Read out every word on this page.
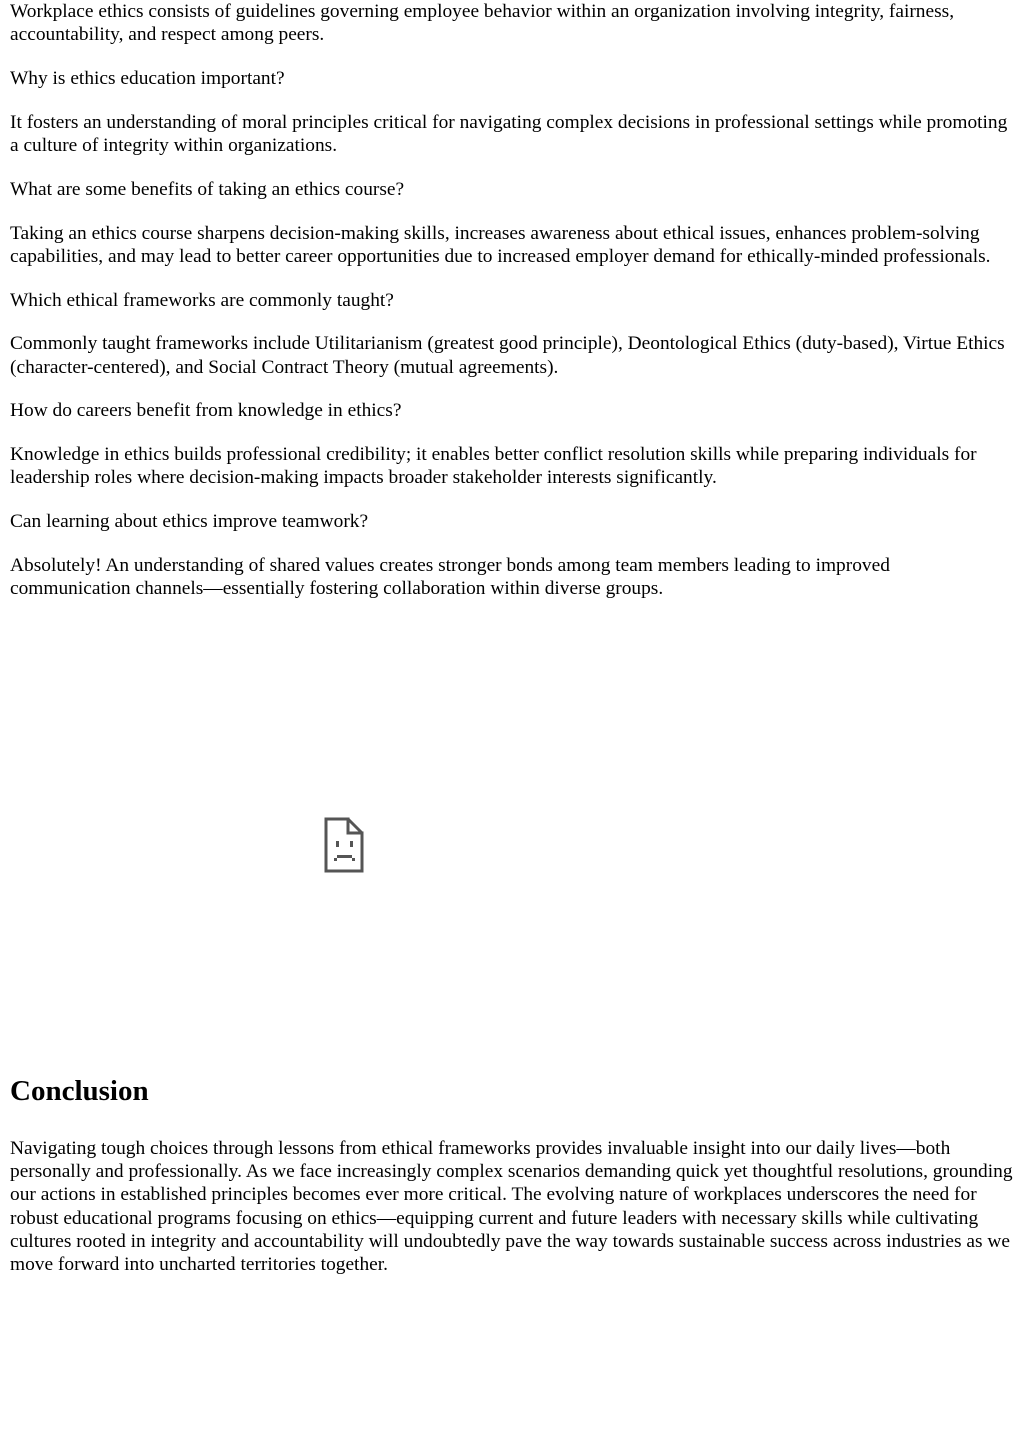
Workplace ethics consists of guidelines governing employee behavior within an organization involving integrity, fairness, accountability, and respect among peers.

Why is ethics education important?

It fosters an understanding of moral principles critical for navigating complex decisions in professional settings while promoting a culture of integrity within organizations.

What are some benefits of taking an ethics course?

Taking an ethics course sharpens decision-making skills, increases awareness about ethical issues, enhances problem-solving capabilities, and may lead to better career opportunities due to increased employer demand for ethically-minded professionals.

Which ethical frameworks are commonly taught?

Commonly taught frameworks include Utilitarianism (greatest good principle), Deontological Ethics (duty-based), Virtue Ethics (character-centered), and Social Contract Theory (mutual agreements).

How do careers benefit from knowledge in ethics?

Knowledge in ethics builds professional credibility; it enables better conflict resolution skills while preparing individuals for leadership roles where decision-making impacts broader stakeholder interests significantly.

Can learning about ethics improve teamwork?

Absolutely! An understanding of shared values creates stronger bonds among team members leading to improved communication channels—essentially fostering collaboration within diverse groups.

Conclusion

Navigating tough choices through lessons from ethical frameworks provides invaluable insight into our daily lives—both personally and professionally. As we face increasingly complex scenarios demanding quick yet thoughtful resolutions, grounding our actions in established principles becomes ever more critical. The evolving nature of workplaces underscores the need for robust educational programs focusing on ethics—equipping current and future leaders with necessary skills while cultivating cultures rooted in integrity and accountability will undoubtedly pave the way towards sustainable success across industries as we move forward into uncharted territories together.
